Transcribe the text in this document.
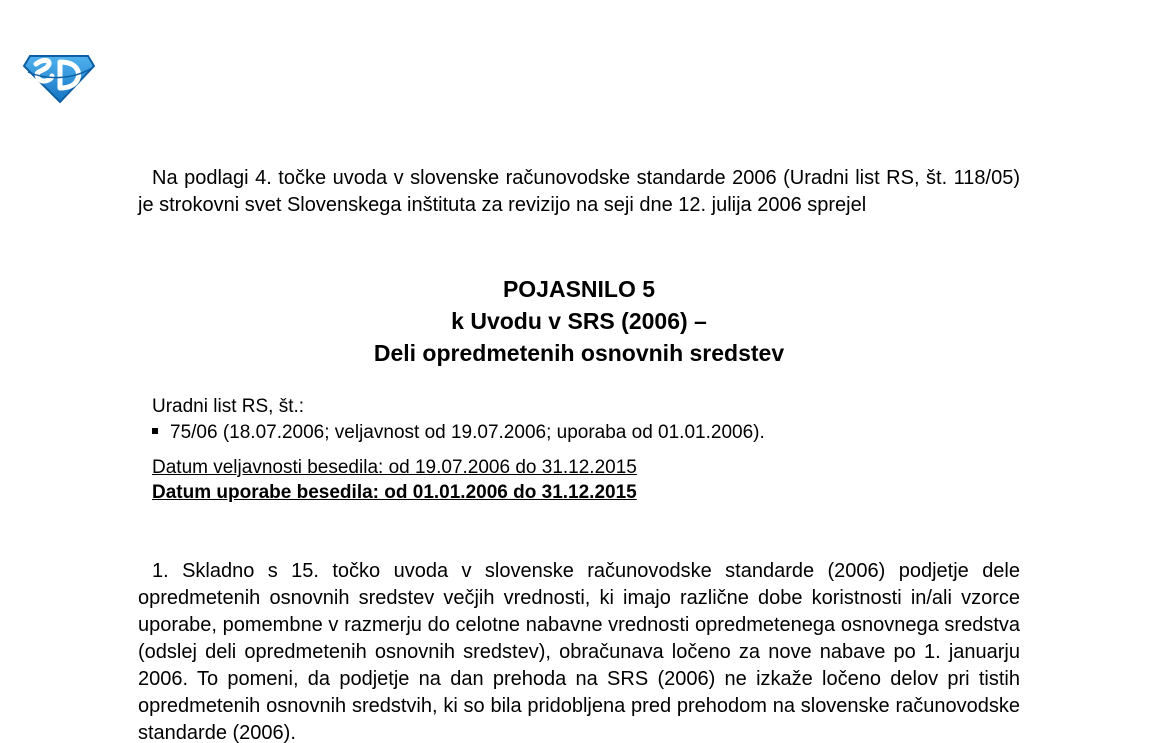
Na podlagi 4. točke uvoda v slovenske računovodske standarde 2006 (Uradni list RS, št. 118/05) je strokovni svet Slovenskega inštituta za revizijo na seji dne 12. julija 2006 sprejel

POJASNILO 5
k Uvodu v SRS (2006) –
Deli opredmetenih osnovnih sredstev
Uradni list RS, št.:
75/06 (18.07.2006; veljavnost od 19.07.2006; uporaba od 01.01.2006).
Datum veljavnosti besedila: od 19.07.2006 do 31.12.2015
Datum uporabe besedila: od 01.01.2006 do 31.12.2015

1. Skladno s 15. točko uvoda v slovenske računovodske standarde (2006) podjetje dele opredmetenih osnovnih sredstev večjih vrednosti, ki imajo različne dobe koristnosti in/ali vzorce uporabe, pomembne v razmerju do celotne nabavne vrednosti opredmetenega osnovnega sredstva (odslej deli opredmetenih osnovnih sredstev), obračunava ločeno za nove nabave po 1. januarju 2006. To pomeni, da podjetje na dan prehoda na SRS (2006) ne izkaže ločeno delov pri tistih opredmetenih osnovnih sredstvih, ki so bila pridobljena pred prehodom na slovenske računovodske standarde (2006).
